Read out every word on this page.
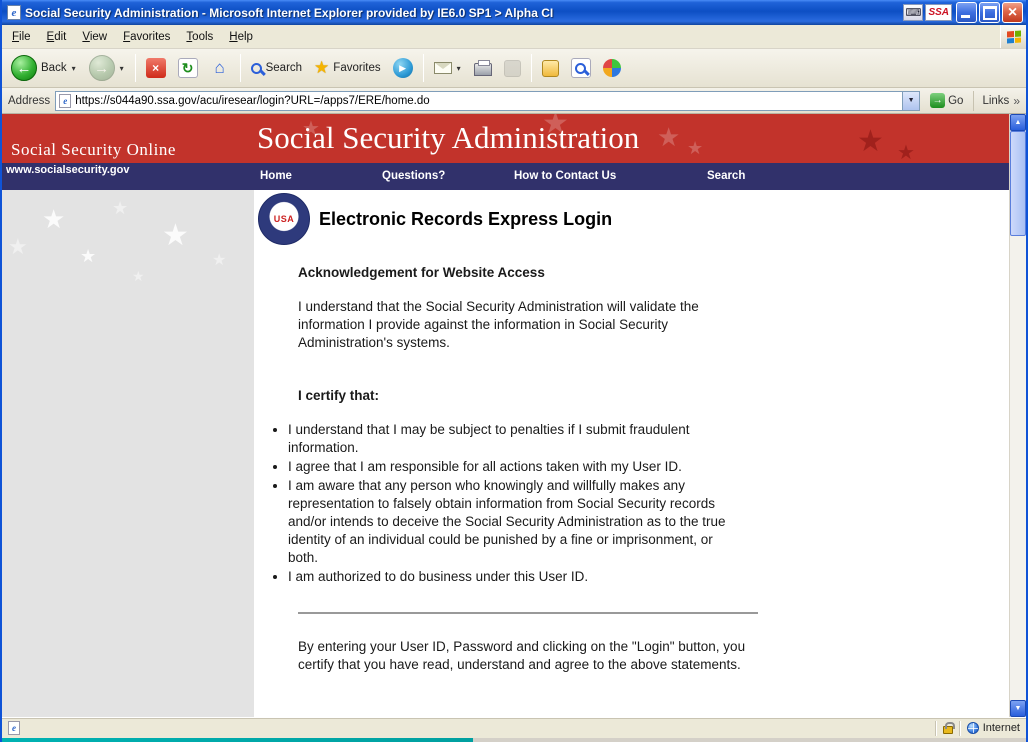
e Social Security Administration - Microsoft Internet Explorer provided by IE6.0 SP1 > Alpha CI	⌨ SSA
×
File	Edit	View	Favorites	Tools	Help
←
Back ▾ →	▾ × ↻ ⌂	Search ★	Favorites ▶	▾
Address	e https://s044a90.ssa.gov/acu/iresear/login?URL=/apps7/ERE/home.do ▼ →	Go Links
»
★
★
★
★
★
★
Social Security Online	Social Security Administration
www.socialsecurity.gov	Home	Questions?	How to Contact Us	Search
★
★
★
★
★
★
★
USA Electronic Records Express Login
Acknowledgement for Website Access
I understand that the Social Security Administration will validate the information I provide against the information in Social Security Administration's systems.
I certify that:
• I understand that I may be subject to penalties if I submit fraudulent information.
• I agree that I am responsible for all actions taken with my User ID.
• I am aware that any person who knowingly and willfully makes any representation to falsely obtain information from Social Security records and/or intends to deceive the Social Security Administration as to the true identity of an individual could be punished by a fine or imprisonment, or both.
• I am authorized to do business under this User ID.
By entering your User ID, Password and clicking on the "Login" button, you certify that you have read, understand and agree to the above statements.
▲
▼
e	Internet
